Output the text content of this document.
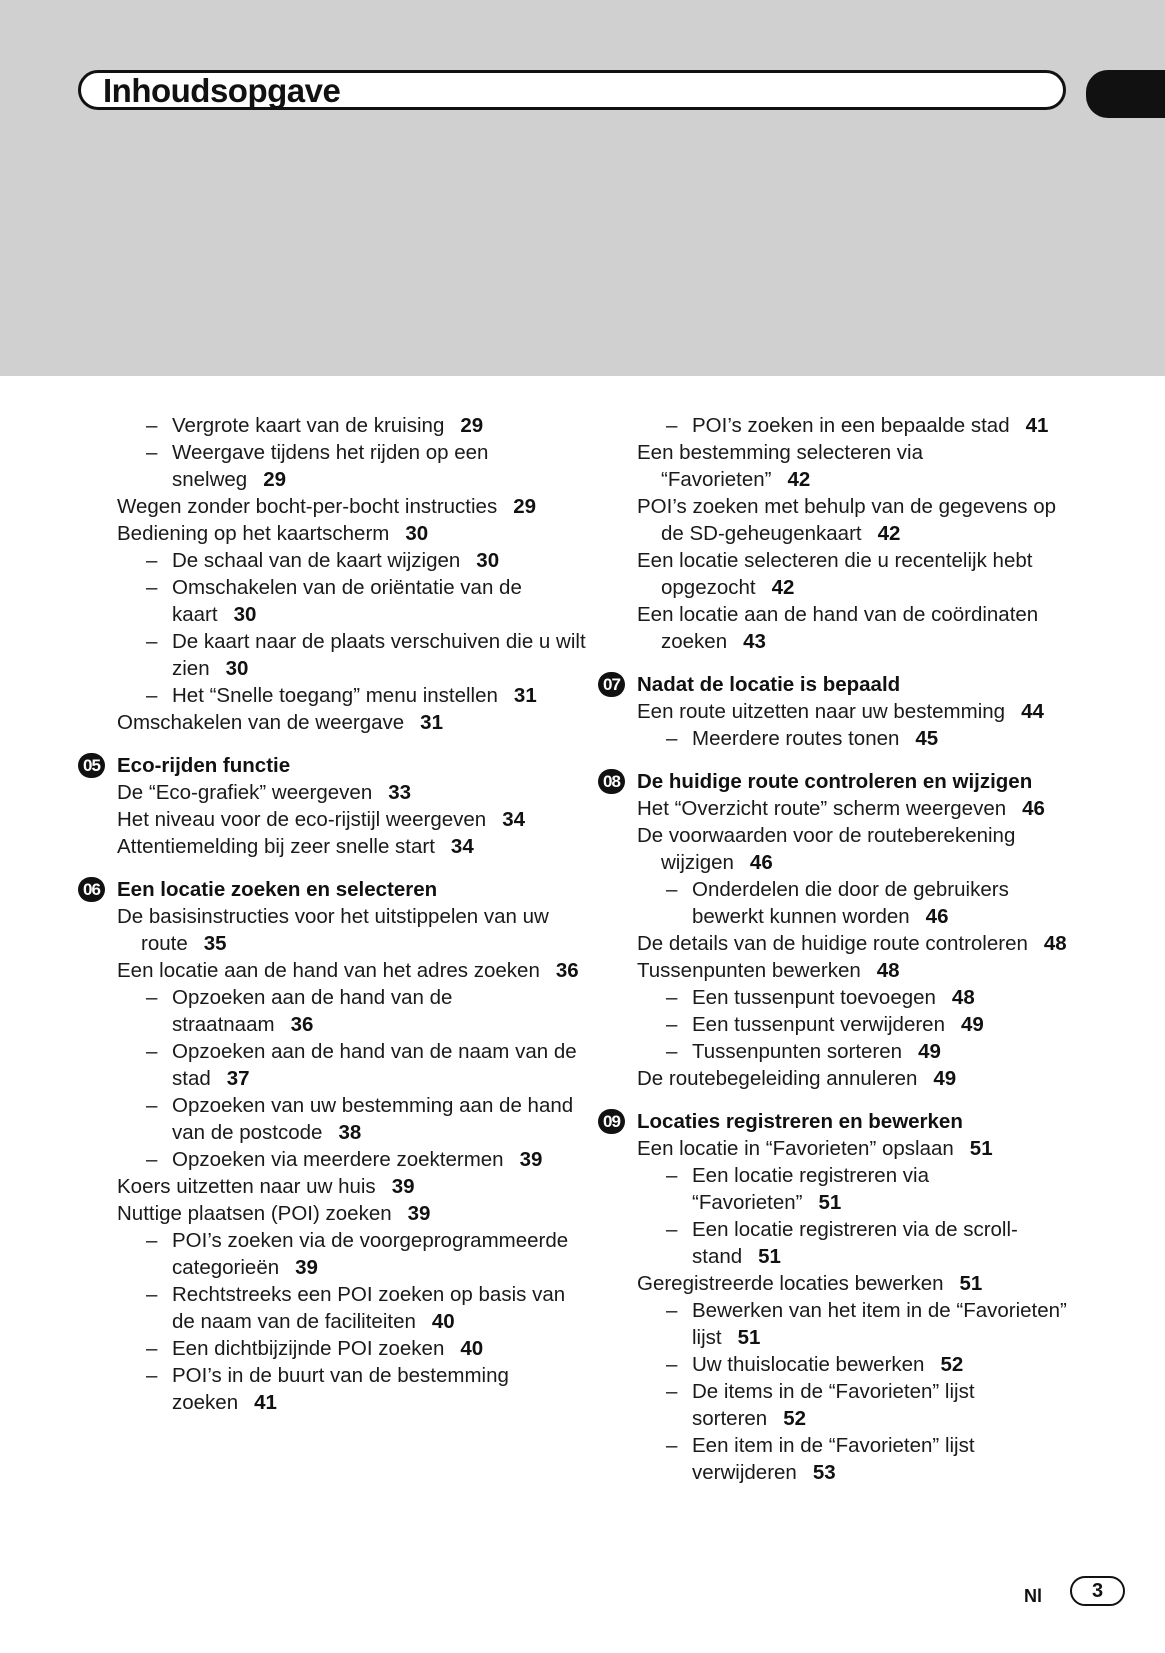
Inhoudsopgave
– Vergrote kaart van de kruising 29
– Weergave tijdens het rijden op een snelweg 29
Wegen zonder bocht-per-bocht instructies 29
Bediening op het kaartscherm 30
– De schaal van de kaart wijzigen 30
– Omschakelen van de oriëntatie van de kaart 30
– De kaart naar de plaats verschuiven die u wilt zien 30
– Het “Snelle toegang” menu instellen 31
Omschakelen van de weergave 31
05 Eco-rijden functie
De “Eco-grafiek” weergeven 33
Het niveau voor de eco-rijstijl weergeven 34
Attentiemelding bij zeer snelle start 34
06 Een locatie zoeken en selecteren
De basisinstructies voor het uitstippelen van uw route 35
Een locatie aan de hand van het adres zoeken 36
– Opzoeken aan de hand van de straatnaam 36
– Opzoeken aan de hand van de naam van de stad 37
– Opzoeken van uw bestemming aan de hand van de postcode 38
– Opzoeken via meerdere zoektermen 39
Koers uitzetten naar uw huis 39
Nuttige plaatsen (POI) zoeken 39
– POI’s zoeken via de voorgeprogrammeerde categorieën 39
– Rechtstreeks een POI zoeken op basis van de naam van de faciliteiten 40
– Een dichtbijzijnde POI zoeken 40
– POI’s in de buurt van de bestemming zoeken 41
– POI’s zoeken in een bepaalde stad 41
Een bestemming selecteren via “Favorieten” 42
POI’s zoeken met behulp van de gegevens op de SD-geheugenkaart 42
Een locatie selecteren die u recentelijk hebt opgezocht 42
Een locatie aan de hand van de coördinaten zoeken 43
07 Nadat de locatie is bepaald
Een route uitzetten naar uw bestemming 44
– Meerdere routes tonen 45
08 De huidige route controleren en wijzigen
Het “Overzicht route” scherm weergeven 46
De voorwaarden voor de routeberekening wijzigen 46
– Onderdelen die door de gebruikers bewerkt kunnen worden 46
De details van de huidige route controleren 48
Tussenpunten bewerken 48
– Een tussenpunt toevoegen 48
– Een tussenpunt verwijderen 49
– Tussenpunten sorteren 49
De routebegeleiding annuleren 49
09 Locaties registreren en bewerken
Een locatie in “Favorieten” opslaan 51
– Een locatie registreren via “Favorieten” 51
– Een locatie registreren via de scroll-stand 51
Geregistreerde locaties bewerken 51
– Bewerken van het item in de “Favorieten” lijst 51
– Uw thuislocatie bewerken 52
– De items in de “Favorieten” lijst sorteren 52
– Een item in de “Favorieten” lijst verwijderen 53
Nl	3
